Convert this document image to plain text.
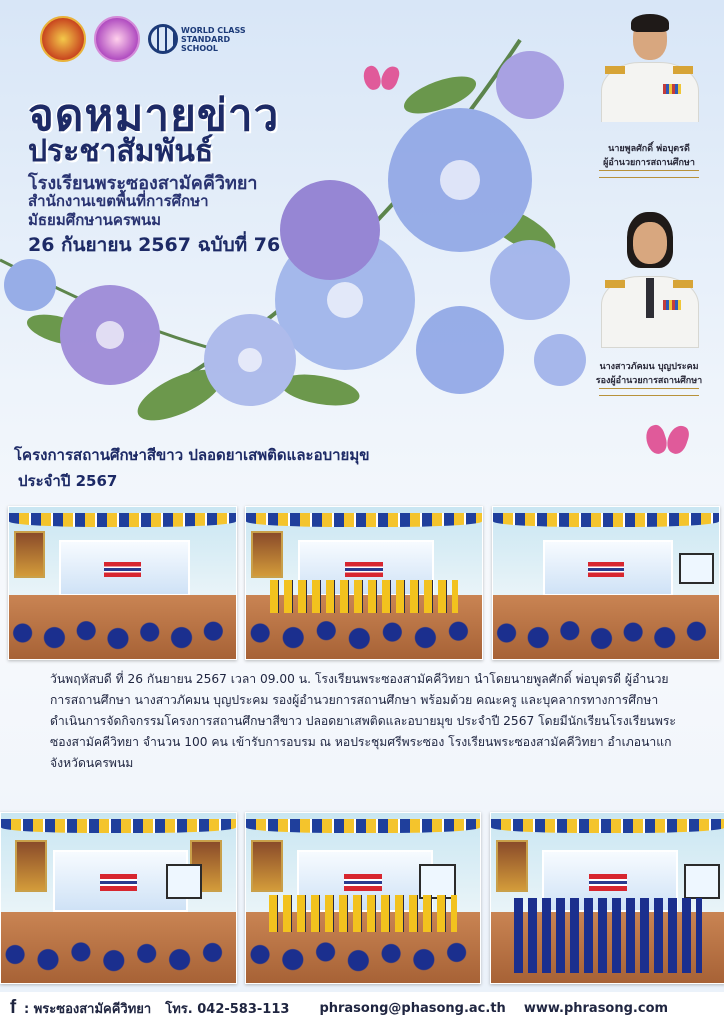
WORLD CLASS STANDARD SCHOOL
จดหมายข่าว
ประชาสัมพันธ์
โรงเรียนพระซองสามัคคีวิทยา
สำนักงานเขตพื้นที่การศึกษา
มัธยมศึกษานครพนม
26 กันยายน 2567 ฉบับที่ 76
นายพูลศักดิ์ พ่อบุตรดี
ผู้อำนวยการสถานศึกษา
นางสาวภัคมน บุญประคม
รองผู้อำนวยการสถานศึกษา
โครงการสถานศึกษาสีขาว ปลอดยาเสพติดและอบายมุข
ประจำปี 2567
วันพฤหัสบดี ที่ 26 กันยายน 2567 เวลา 09.00 น. โรงเรียนพระซองสามัคคีวิทยา นำโดยนายพูลศักดิ์ พ่อบุตรดี ผู้อำนวยการสถานศึกษา นางสาวภัคมน บุญประคม รองผู้อำนวยการสถานศึกษา พร้อมด้วย คณะครู และบุคลากรทางการศึกษา ดำเนินการจัดกิจกรรมโครงการสถานศึกษาสีขาว ปลอดยาเสพติดและอบายมุข ประจำปี 2567 โดยมีนักเรียนโรงเรียนพระซองสามัคคีวิทยา จำนวน 100 คน เข้ารับการอบรม ณ หอประชุมศรีพระซอง โรงเรียนพระซองสามัคคีวิทยา อำเภอนาแก จังหวัดนครพนม
f : พระซองสามัคคีวิทยา โทร. 042-583-113 phrasong@phasong.ac.th www.phrasong.com
